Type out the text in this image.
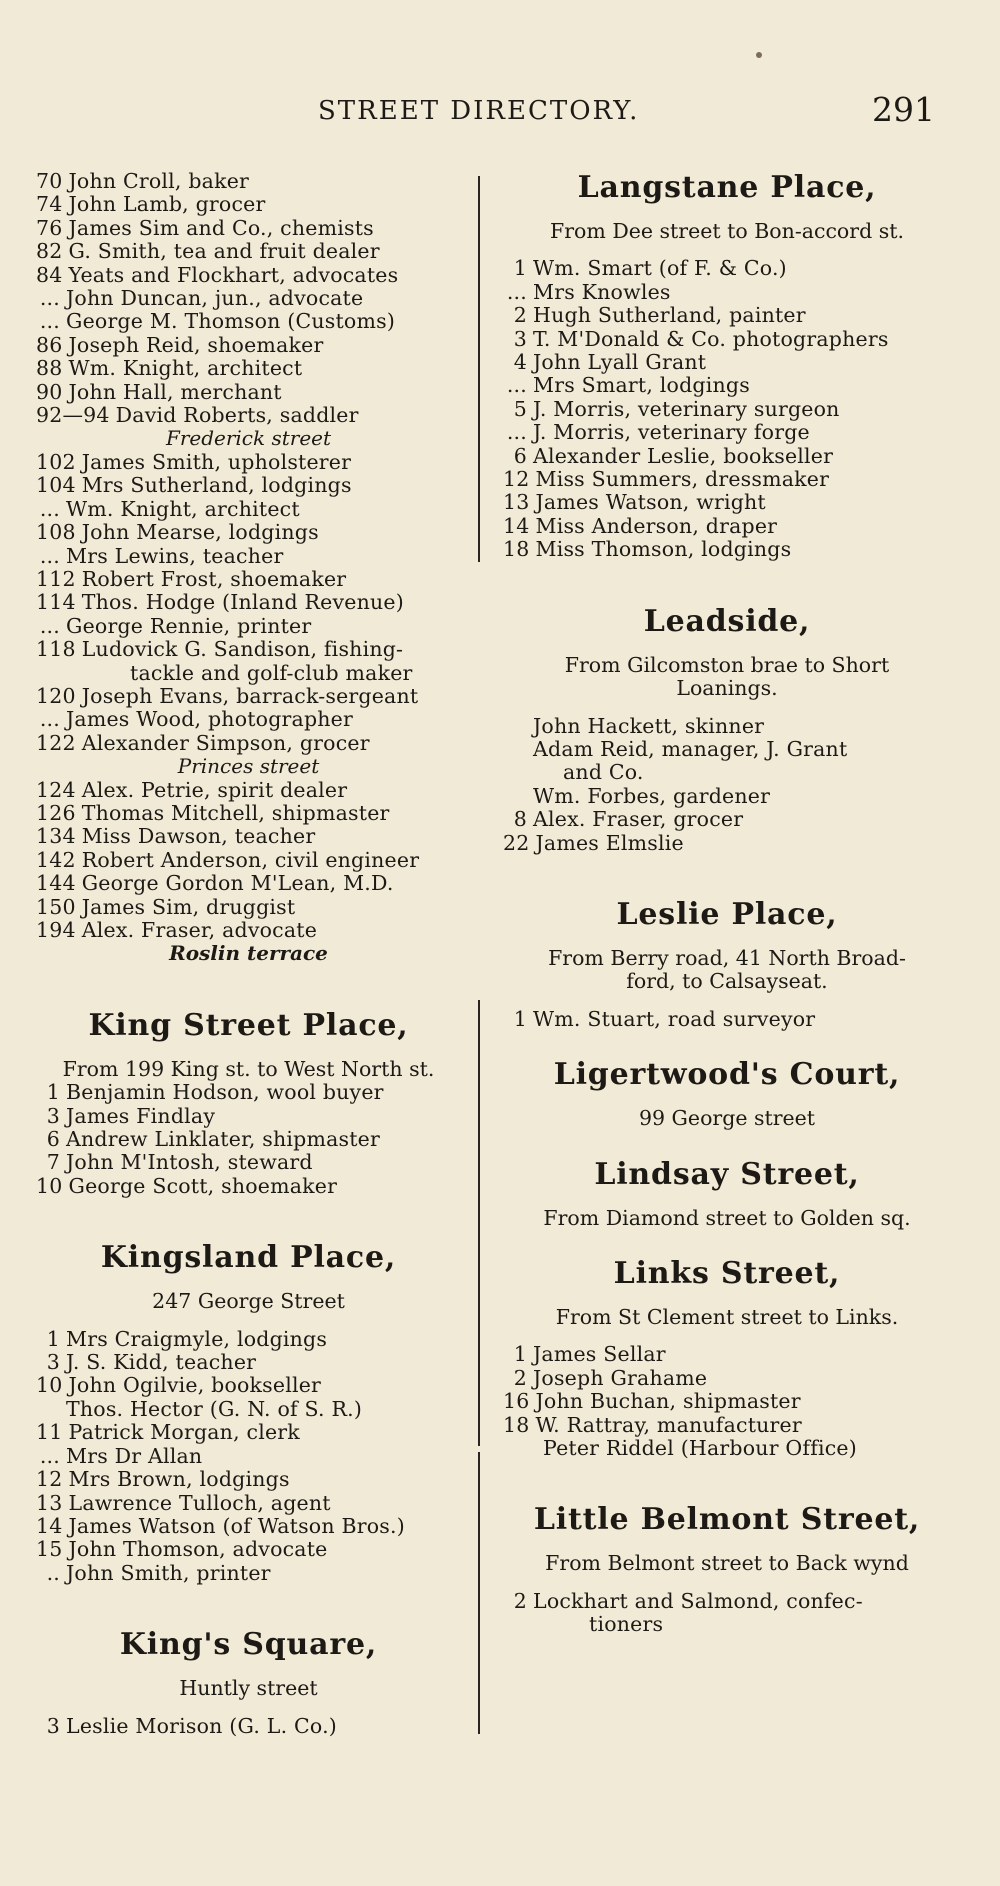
STREET DIRECTORY.	291
70 John Croll, baker
74 John Lamb, grocer
76 James Sim and Co., chemists
82 G. Smith, tea and fruit dealer
84 Yeats and Flockhart, advocates
... John Duncan, jun., advocate
... George M. Thomson (Customs)
86 Joseph Reid, shoemaker
88 Wm. Knight, architect
90 John Hall, merchant
92—94 David Roberts, saddler
Frederick street
102 James Smith, upholsterer
104 Mrs Sutherland, lodgings
... Wm. Knight, architect
108 John Mearse, lodgings
... Mrs Lewins, teacher
112 Robert Frost, shoemaker
114 Thos. Hodge (Inland Revenue)
... George Rennie, printer
118 Ludovick G. Sandison, fishing-
tackle and golf-club maker
120 Joseph Evans, barrack-sergeant
... James Wood, photographer
122 Alexander Simpson, grocer
Princes street
124 Alex. Petrie, spirit dealer
126 Thomas Mitchell, shipmaster
134 Miss Dawson, teacher
142 Robert Anderson, civil engineer
144 George Gordon M'Lean, M.D.
150 James Sim, druggist
194 Alex. Fraser, advocate
Roslin terrace
King Street Place,
From 199 King st. to West North st.
1 Benjamin Hodson, wool buyer
3 James Findlay
6 Andrew Linklater, shipmaster
7 John M'Intosh, steward
10 George Scott, shoemaker
Kingsland Place,
247 George Street
1 Mrs Craigmyle, lodgings
3 J. S. Kidd, teacher
10 John Ogilvie, bookseller
Thos. Hector (G. N. of S. R.)
11 Patrick Morgan, clerk
... Mrs Dr Allan
12 Mrs Brown, lodgings
13 Lawrence Tulloch, agent
14 James Watson (of Watson Bros.)
15 John Thomson, advocate
.. John Smith, printer
King's Square,
Huntly street
3 Leslie Morison (G. L. Co.)
Langstane Place,
From Dee street to Bon-accord st.
1 Wm. Smart (of F. & Co.)
... Mrs Knowles
2 Hugh Sutherland, painter
3 T. M'Donald & Co. photographers
4 John Lyall Grant
... Mrs Smart, lodgings
5 J. Morris, veterinary surgeon
... J. Morris, veterinary forge
6 Alexander Leslie, bookseller
12 Miss Summers, dressmaker
13 James Watson, wright
14 Miss Anderson, draper
18 Miss Thomson, lodgings
Leadside,
From Gilcomston brae to Short
Loanings.
John Hackett, skinner
Adam Reid, manager, J. Grant
and Co.
Wm. Forbes, gardener
8 Alex. Fraser, grocer
22 James Elmslie
Leslie Place,
From Berry road, 41 North Broad-
ford, to Calsayseat.
1 Wm. Stuart, road surveyor
Ligertwood's Court,
99 George street
Lindsay Street,
From Diamond street to Golden sq.
Links Street,
From St Clement street to Links.
1 James Sellar
2 Joseph Grahame
16 John Buchan, shipmaster
18 W. Rattray, manufacturer
Peter Riddel (Harbour Office)
Little Belmont Street,
From Belmont street to Back wynd
2 Lockhart and Salmond, confec-
tioners
